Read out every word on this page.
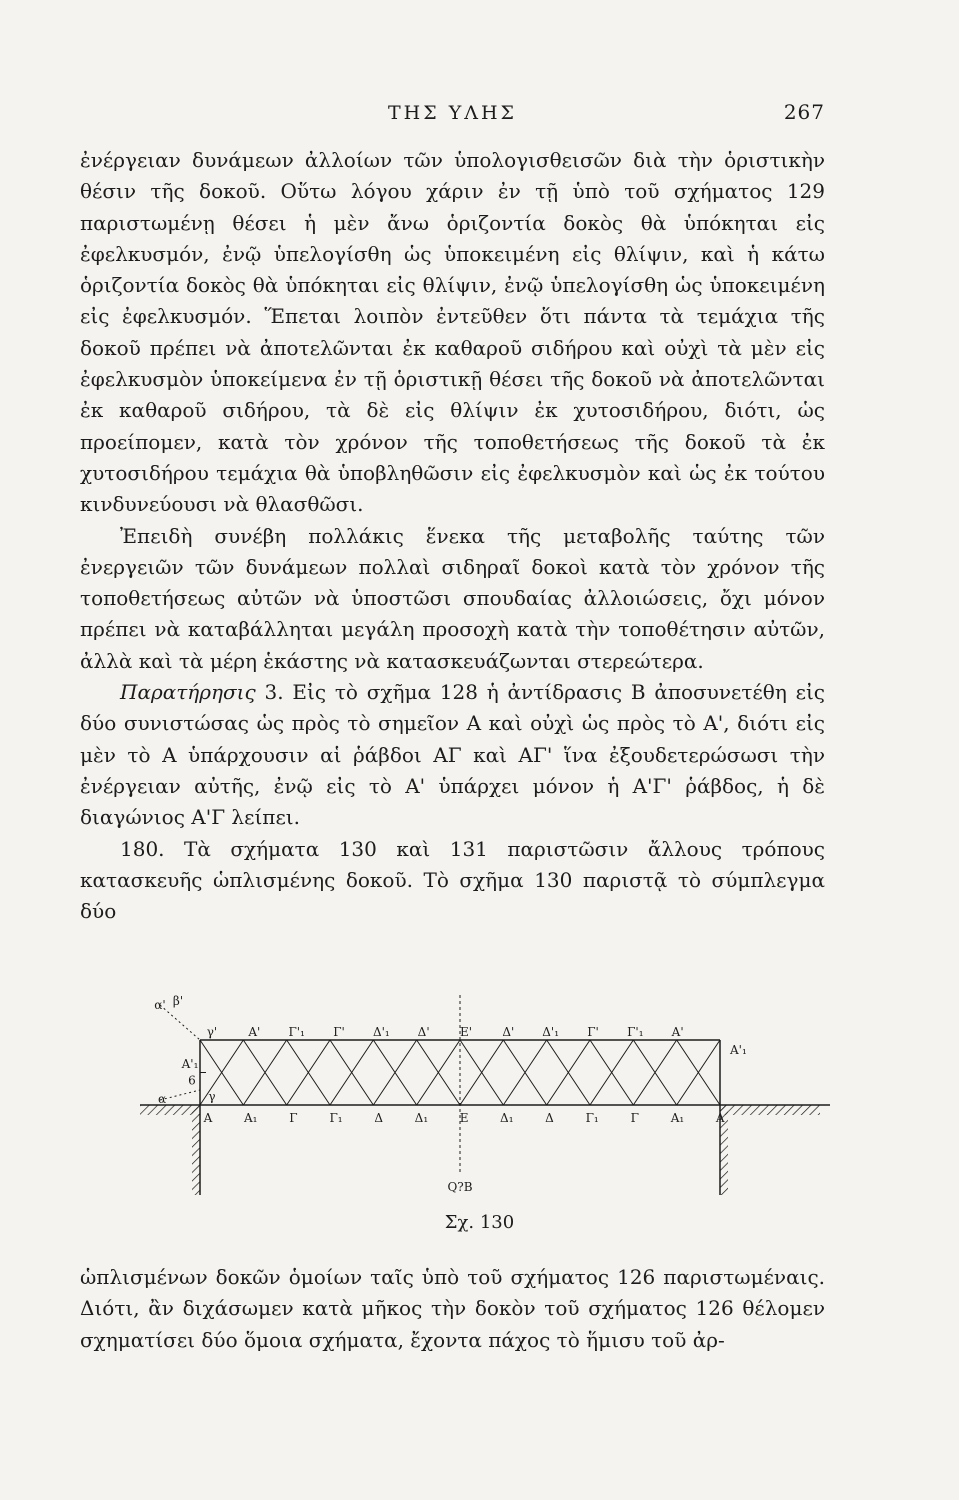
ΤΗΣ ΥΛΗΣ	267

ἐνέργειαν δυνάμεων ἀλλοίων τῶν ὑπολογισθεισῶν διὰ τὴν ὁριστικὴν θέσιν τῆς δοκοῦ. Οὕτω λόγου χάριν ἐν τῇ ὑπὸ τοῦ σχήματος 129 παριστωμένῃ θέσει ἡ μὲν ἄνω ὁριζοντία δοκὸς θὰ ὑπόκηται εἰς ἐφελκυσμόν, ἐνῷ ὑπελογίσθη ὡς ὑποκειμένη εἰς θλίψιν, καὶ ἡ κάτω ὁριζοντία δοκὸς θὰ ὑπόκηται εἰς θλίψιν, ἐνῷ ὑπελογίσθη ὡς ὑποκειμένη εἰς ἐφελκυσμόν. Ἕπεται λοιπὸν ἐντεῦθεν ὅτι πάντα τὰ τεμάχια τῆς δοκοῦ πρέπει νὰ ἀποτελῶνται ἐκ καθαροῦ σιδήρου καὶ οὐχὶ τὰ μὲν εἰς ἐφελκυσμὸν ὑποκείμενα ἐν τῇ ὁριστικῇ θέσει τῆς δοκοῦ νὰ ἀποτελῶνται ἐκ καθαροῦ σιδήρου, τὰ δὲ εἰς θλίψιν ἐκ χυτοσιδήρου, διότι, ὡς προείπομεν, κατὰ τὸν χρόνον τῆς τοποθετήσεως τῆς δοκοῦ τὰ ἐκ χυτοσιδήρου τεμάχια θὰ ὑποβληθῶσιν εἰς ἐφελκυσμὸν καὶ ὡς ἐκ τούτου κινδυνεύουσι νὰ θλασθῶσι.

Ἐπειδὴ συνέβη πολλάκις ἕνεκα τῆς μεταβολῆς ταύτης τῶν ἐνεργειῶν τῶν δυνάμεων πολλαὶ σιδηραῖ δοκοὶ κατὰ τὸν χρόνον τῆς τοποθετήσεως αὐτῶν νὰ ὑποστῶσι σπουδαίας ἀλλοιώσεις, ὄχι μόνον πρέπει νὰ καταβάλληται μεγάλη προσοχὴ κατὰ τὴν τοποθέτησιν αὐτῶν, ἀλλὰ καὶ τὰ μέρη ἑκάστης νὰ κατασκευάζωνται στερεώτερα.

Παρατήρησις 3. Εἰς τὸ σχῆμα 128 ἡ ἀντίδρασις Β ἀποσυνετέθη εἰς δύο συνιστώσας ὡς πρὸς τὸ σημεῖον Α καὶ οὐχὶ ὡς πρὸς τὸ Α', διότι εἰς μὲν τὸ Α ὑπάρχουσιν αἱ ῥάβδοι ΑΓ καὶ ΑΓ' ἵνα ἐξουδετερώσωσι τὴν ἐνέργειαν αὐτῆς, ἐνῷ εἰς τὸ Α' ὑπάρχει μόνον ἡ Α'Γ' ῥάβδος, ἡ δὲ διαγώνιος Α'Γ λείπει.

180. Τὰ σχήματα 130 καὶ 131 παριστῶσιν ἄλλους τρόπους κατασκευῆς ὡπλισμένης δοκοῦ. Τὸ σχῆμα 130 παριστᾷ τὸ σύμπλεγμα δύο

α' β'
γ'	Α' Γ'₁ Γ' Δ'₁ Δ'	Ε'	Δ' Δ'₁ Γ' Γ'₁ Α'
Α'₁
Α'₁
6
γ
α
Α	Α₁	Γ	Γ₁	Δ	Δ₁	Ε	Δ₁	Δ	Γ₁	Γ	Α₁	Α
Q?B
Σχ. 130

ὡπλισμένων δοκῶν ὁμοίων ταῖς ὑπὸ τοῦ σχήματος 126 παριστωμέναις. Διότι, ἂν διχάσωμεν κατὰ μῆκος τὴν δοκὸν τοῦ σχήματος 126 θέλομεν σχηματίσει δύο ὅμοια σχήματα, ἔχοντα πάχος τὸ ἥμισυ τοῦ ἀρ-
